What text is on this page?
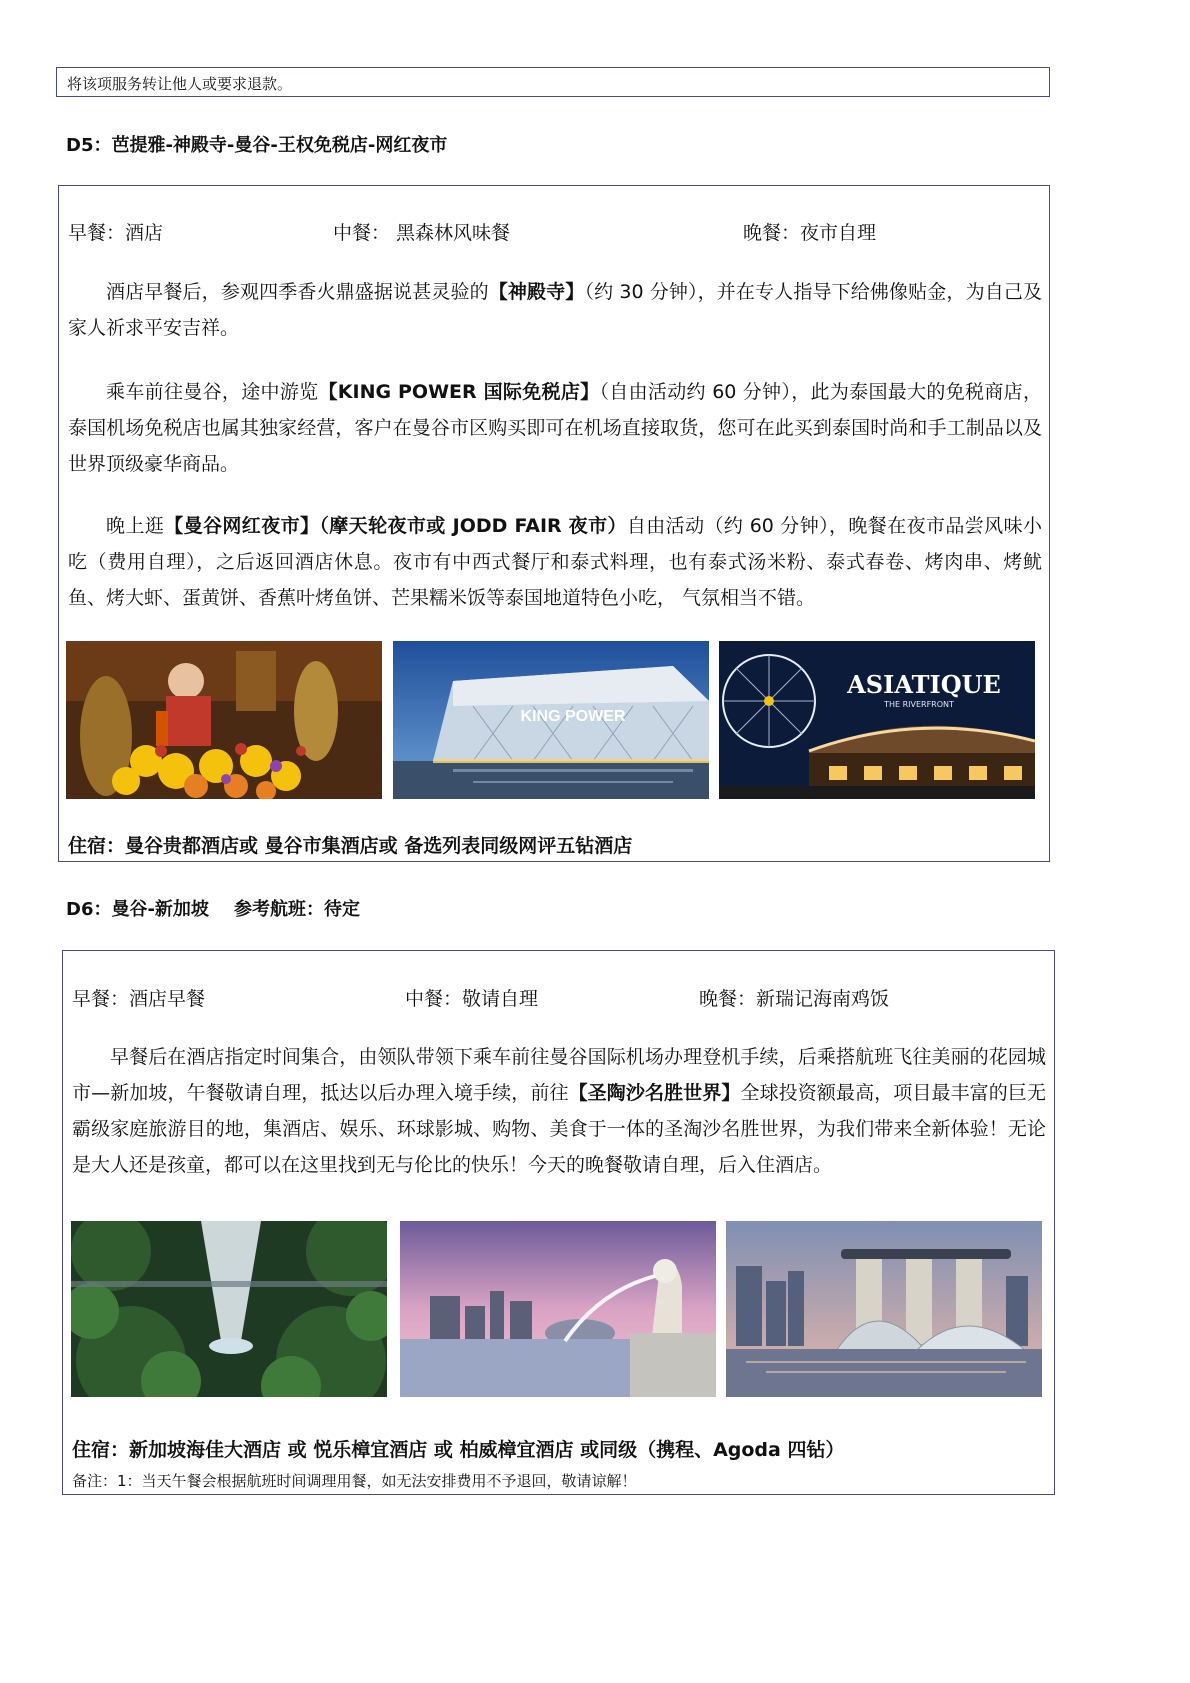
将该项服务转让他人或要求退款。
D5：芭提雅-神殿寺-曼谷-王权免税店-网红夜市
早餐：酒店	中餐： 黑森林风味餐	晚餐：夜市自理

酒店早餐后，参观四季香火鼎盛据说甚灵验的【神殿寺】（约 30 分钟），并在专人指导下给佛像贴金，为自己及家人祈求平安吉祥。

乘车前往曼谷，途中游览【KING POWER 国际免税店】（自由活动约 60 分钟），此为泰国最大的免税商店，泰国机场免税店也属其独家经营，客户在曼谷市区购买即可在机场直接取货，您可在此买到泰国时尚和手工制品以及世界顶级豪华商品。

晚上逛【曼谷网红夜市】（摩天轮夜市或 JODD FAIR 夜市）自由活动（约 60 分钟），晚餐在夜市品尝风味小吃（费用自理），之后返回酒店休息。夜市有中西式餐厅和泰式料理，也有泰式汤米粉、泰式春卷、烤肉串、烤鱿鱼、烤大虾、蛋黄饼、香蕉叶烤鱼饼、芒果糯米饭等泰国地道特色小吃， 气氛相当不错。

KING POWER
ASIATIQUE
THE RIVERFRONT
住宿：曼谷贵都酒店或 曼谷市集酒店或 备选列表同级网评五钻酒店
D6：曼谷-新加坡    参考航班：待定
早餐：酒店早餐	中餐：敬请自理	晚餐：新瑞记海南鸡饭

早餐后在酒店指定时间集合，由领队带领下乘车前往曼谷国际机场办理登机手续，后乘搭航班飞往美丽的花园城市—新加坡，午餐敬请自理，抵达以后办理入境手续，前往【圣陶沙名胜世界】全球投资额最高，项目最丰富的巨无霸级家庭旅游目的地，集酒店、娱乐、环球影城、购物、美食于一体的圣淘沙名胜世界，为我们带来全新体验！无论是大人还是孩童，都可以在这里找到无与伦比的快乐！今天的晚餐敬请自理，后入住酒店。

住宿：新加坡海佳大酒店 或 悦乐樟宜酒店 或 柏威樟宜酒店 或同级（携程、Agoda 四钻）
备注：1：当天午餐会根据航班时间调理用餐，如无法安排费用不予退回，敬请谅解！
